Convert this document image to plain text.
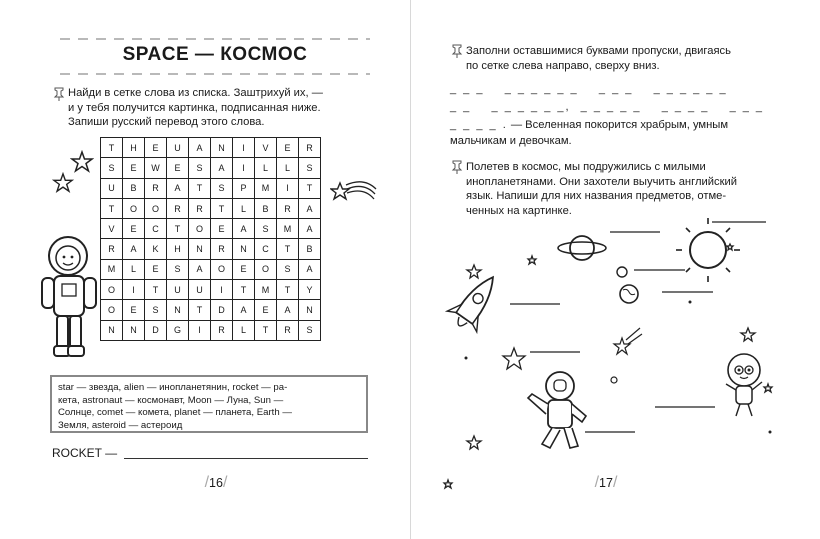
SPACE — КОСМОС
Найди в сетке слова из списка. Заштрихуй их, —
и у тебя получится картинка, подписанная ниже.
Запиши русский перевод этого слова.
T	H	E	U	A	N	I	V	E	R
S	E	W	E	S	A	I	L	L	S
U	B	R	A	T	S	P	M	I	T
T	O	O	R	R	T	L	B	R	A
V	E	C	T	O	E	A	S	M	A
R	A	K	H	N	R	N	C	T	B
M	L	E	S	A	O	E	O	S	A
O	I	T	U	U	I	T	M	T	Y
O	E	S	N	T	D	A	E	A	N
N	N	D	G	I	R	L	T	R	S
star — звезда, alien — инопланетянин, rocket — ра-
кета, astronaut — космонавт, Moon — Луна, Sun —
Солнце, comet — комета, planet — планета, Earth —
Земля, asteroid — астероид
ROCKET —
/16/
Заполни оставшимися буквами пропуски, двигаясь
по сетке слева направо, сверху вниз.
_ _ _    _ _ _ _ _ _    _ _ _    _ _ _ _ _ _
_ _    _ _ _ _ _ _,  _ _ _ _ _    _ _ _ _    _ _ _
_ _ _ _ . — Вселенная покорится храбрым, умным
мальчикам и девочкам.
Полетев в космос, мы подружились с милыми
инопланетянами. Они захотели выучить английский
язык. Напиши для них названия предметов, отме-
ченных на картинке.
/17/
